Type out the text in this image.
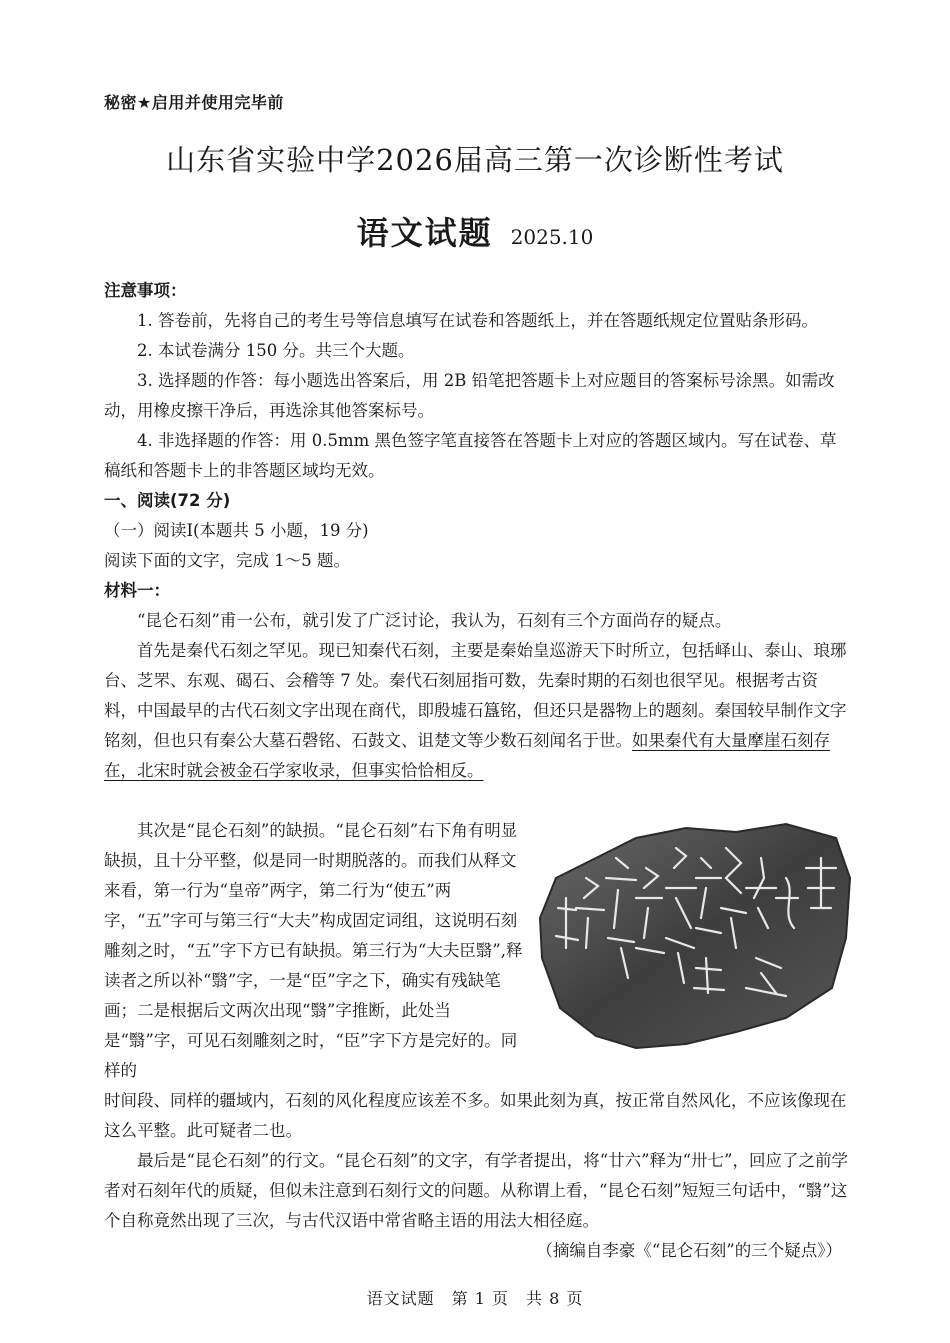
秘密★启用并使用完毕前
山东省实验中学2026届高三第一次诊断性考试
语文试题 2025.10

注意事项：

1. 答卷前，先将自己的考生号等信息填写在试卷和答题纸上，并在答题纸规定位置贴条形码。

2. 本试卷满分 150 分。共三个大题。

3. 选择题的作答：每小题选出答案后，用 2B 铅笔把答题卡上对应题目的答案标号涂黑。如需改动，用橡皮擦干净后，再选涂其他答案标号。

4. 非选择题的作答：用 0.5mm 黑色签字笔直接答在答题卡上对应的答题区域内。写在试卷、草稿纸和答题卡上的非答题区域均无效。

一、阅读(72 分)

（一）阅读Ⅰ(本题共 5 小题，19 分)

阅读下面的文字，完成 1～5 题。

材料一：

“昆仑石刻”甫一公布，就引发了广泛讨论，我认为，石刻有三个方面尚存的疑点。

首先是秦代石刻之罕见。现已知秦代石刻，主要是秦始皇巡游天下时所立，包括峄山、泰山、琅琊台、芝罘、东观、碣石、会稽等 7 处。秦代石刻屈指可数，先秦时期的石刻也很罕见。根据考古资料，中国最早的古代石刻文字出现在商代，即殷墟石簋铭，但还只是器物上的题刻。秦国较早制作文字铭刻，但也只有秦公大墓石磬铭、石鼓文、诅楚文等少数石刻闻名于世。如果秦代有大量摩崖石刻存在，北宋时就会被金石学家收录，但事实恰恰相反。

其次是“昆仑石刻”的缺损。“昆仑石刻”右下角有明显缺损，且十分平整，似是同一时期脱落的。而我们从释文来看，第一行为“皇帝”两字，第二行为“使五”两字，“五”字可与第三行“大夫”构成固定词组，这说明石刻雕刻之时，“五”字下方已有缺损。第三行为“大夫臣翳”,释读者之所以补“翳”字，一是“臣”字之下，确实有残缺笔画；二是根据后文两次出现“翳”字推断，此处当是“翳”字，可见石刻雕刻之时，“臣”字下方是完好的。同样的

时间段、同样的疆域内，石刻的风化程度应该差不多。如果此刻为真，按正常自然风化，不应该像现在这么平整。此可疑者二也。

最后是“昆仑石刻”的行文。“昆仑石刻”的文字，有学者提出，将“廿六”释为“卅七”，回应了之前学者对石刻年代的质疑，但似未注意到石刻行文的问题。从称谓上看，“昆仑石刻”短短三句话中，“翳”这个自称竟然出现了三次，与古代汉语中常省略主语的用法大相径庭。

（摘编自李豪《“昆仑石刻”的三个疑点》）
语文试题　第 1 页　共 8 页
